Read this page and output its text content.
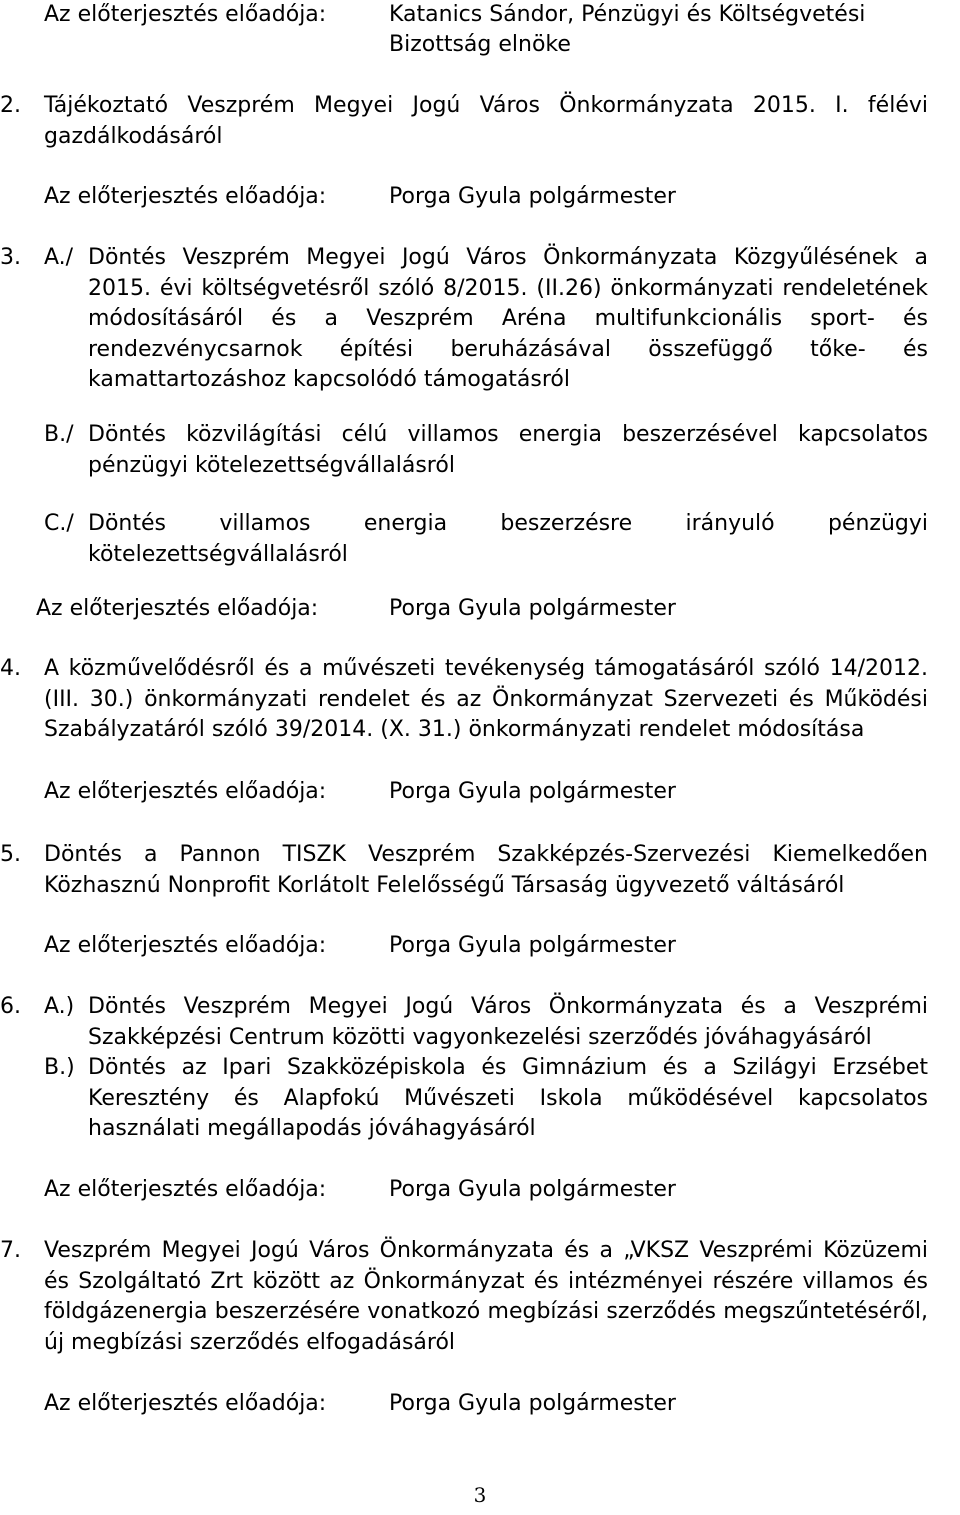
Az előterjesztés előadója:	Katanics Sándor, Pénzügyi és Költségvetési
Bizottság elnöke
2. Tájékoztató Veszprém Megyei Jogú Város Önkormányzata 2015. I. félévi gazdálkodásáról
Az előterjesztés előadója:	Porga Gyula polgármester
3. A./ Döntés Veszprém Megyei Jogú Város Önkormányzata Közgyűlésének a 2015. évi költségvetésről szóló 8/2015. (II.26) önkormányzati rendeletének módosításáról és a Veszprém Aréna multifunkcionális sport- és rendezvénycsarnok építési beruházásával összefüggő tőke- és kamattartozáshoz kapcsolódó támogatásról
B./ Döntés közvilágítási célú villamos energia beszerzésével kapcsolatos pénzügyi kötelezettségvállalásról
C./ Döntés villamos energia beszerzésre irányuló pénzügyi kötelezettségvállalásról
Az előterjesztés előadója:	Porga Gyula polgármester
4. A közművelődésről és a művészeti tevékenység támogatásáról szóló 14/2012. (III. 30.) önkormányzati rendelet és az Önkormányzat Szervezeti és Működési Szabályzatáról szóló 39/2014. (X. 31.) önkormányzati rendelet módosítása
Az előterjesztés előadója:	Porga Gyula polgármester
5. Döntés a Pannon TISZK Veszprém Szakképzés-Szervezési Kiemelkedően Közhasznú Nonprofit Korlátolt Felelősségű Társaság ügyvezető váltásáról
Az előterjesztés előadója:	Porga Gyula polgármester
6. A.) Döntés Veszprém Megyei Jogú Város Önkormányzata és a Veszprémi Szakképzési Centrum közötti vagyonkezelési szerződés jóváhagyásáról
B.) Döntés az Ipari Szakközépiskola és Gimnázium és a Szilágyi Erzsébet Keresztény és Alapfokú Művészeti Iskola működésével kapcsolatos használati megállapodás jóváhagyásáról
Az előterjesztés előadója:	Porga Gyula polgármester
7. Veszprém Megyei Jogú Város Önkormányzata és a „VKSZ Veszprémi Közüzemi és Szolgáltató Zrt között az Önkormányzat és intézményei részére villamos és földgázenergia beszerzésére vonatkozó megbízási szerződés megszűntetéséről, új megbízási szerződés elfogadásáról
Az előterjesztés előadója:	Porga Gyula polgármester
3
